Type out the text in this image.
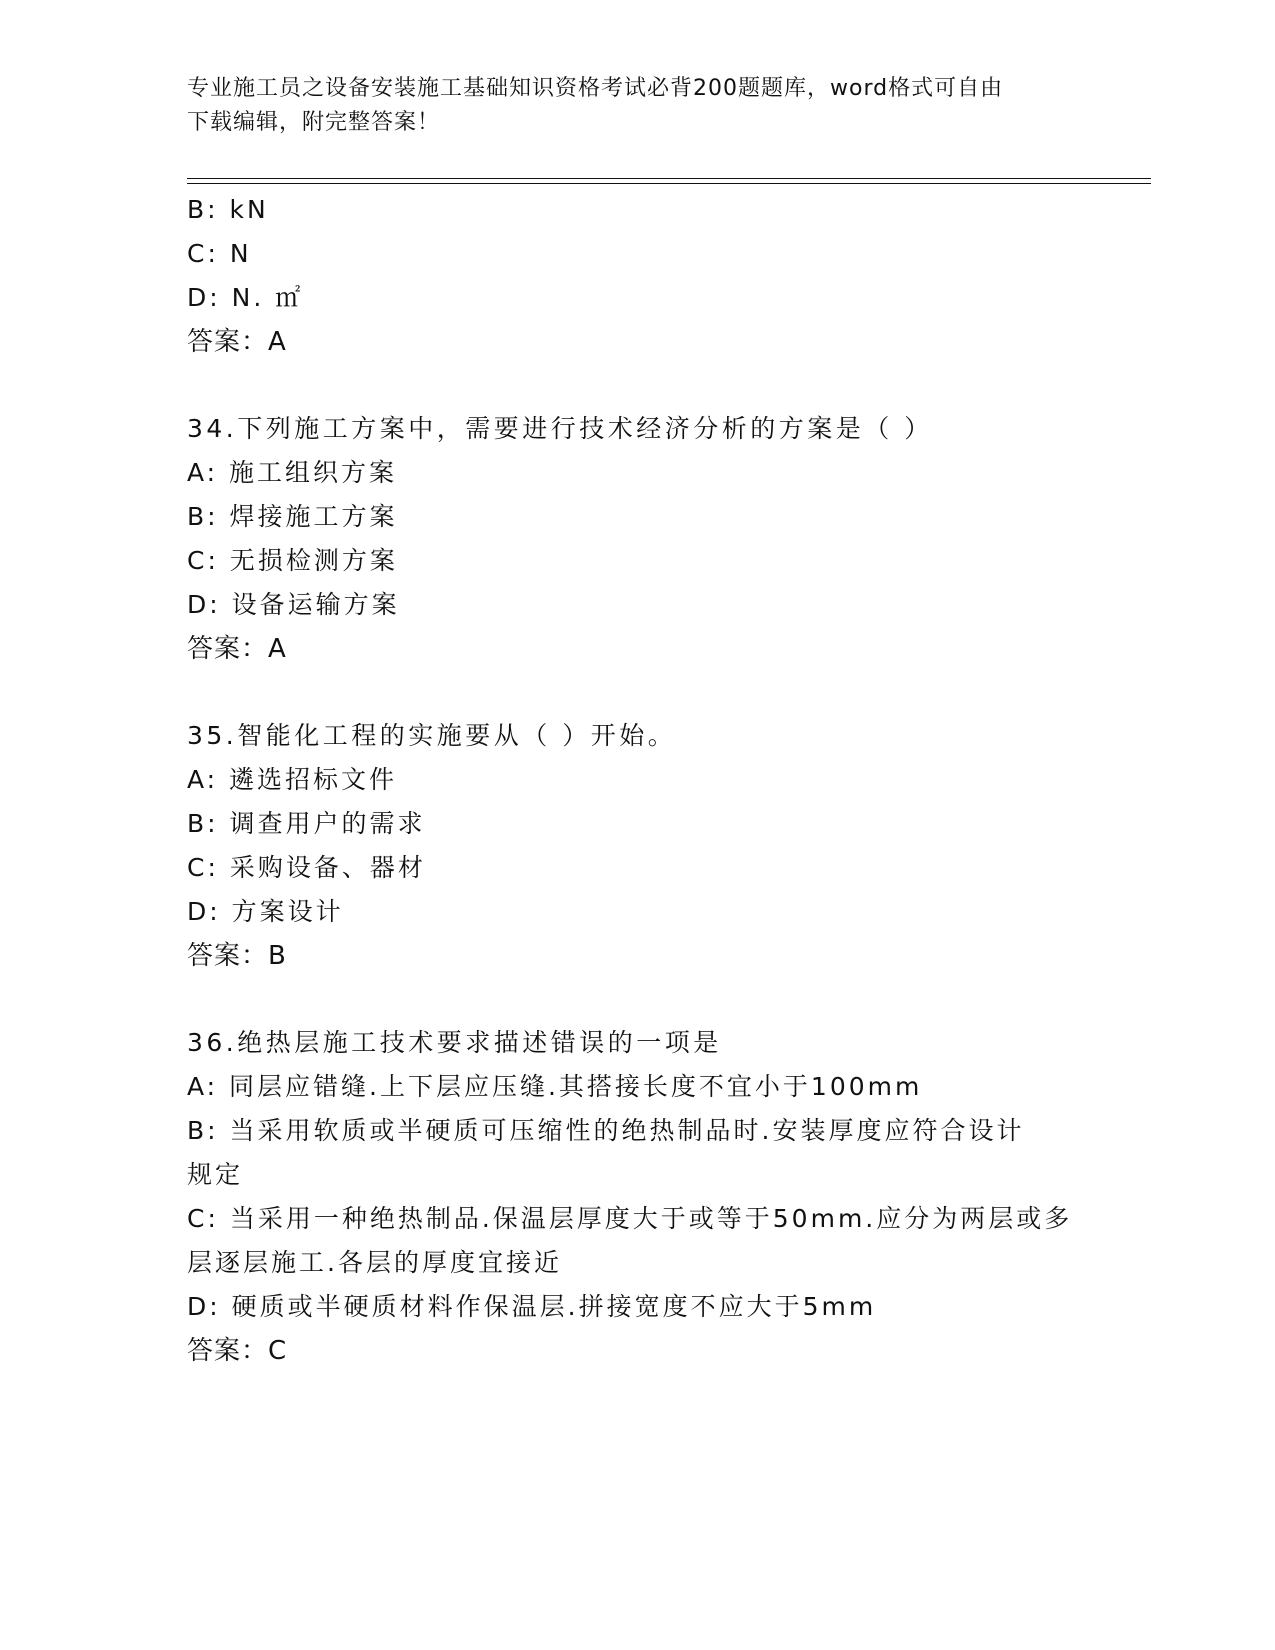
专业施工员之设备安装施工基础知识资格考试必背200题题库，word格式可自由
下载编辑，附完整答案！
B: kN
C: N
D: N. ㎡
答案：A
34.下列施工方案中，需要进行技术经济分析的方案是（ ）
A: 施工组织方案
B: 焊接施工方案
C: 无损检测方案
D: 设备运输方案
答案：A
35.智能化工程的实施要从（ ）开始。
A: 遴选招标文件
B: 调查用户的需求
C: 采购设备、器材
D: 方案设计
答案：B
36.绝热层施工技术要求描述错误的一项是
A: 同层应错缝.上下层应压缝.其搭接长度不宜小于100mm
B: 当采用软质或半硬质可压缩性的绝热制品时.安装厚度应符合设计
规定
C: 当采用一种绝热制品.保温层厚度大于或等于50mm.应分为两层或多
层逐层施工.各层的厚度宜接近
D: 硬质或半硬质材料作保温层.拼接宽度不应大于5mm
答案：C
